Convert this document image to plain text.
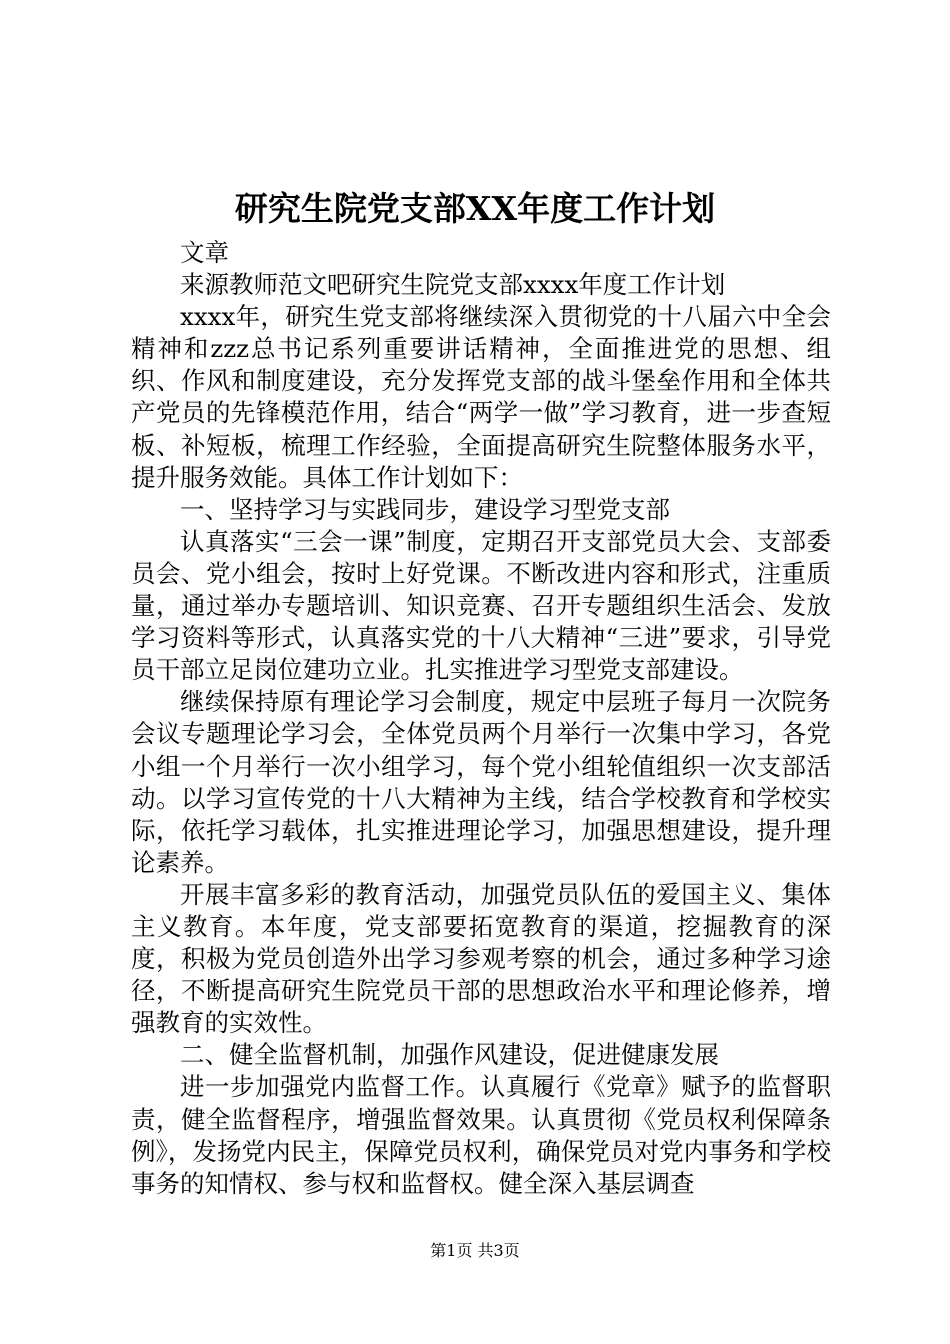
研究生院党支部XX年度工作计划

文章

来源教师范文吧研究生院党支部xxxx年度工作计划

xxxx年，研究生党支部将继续深入贯彻党的十八届六中全会精神和zzz总书记系列重要讲话精神，全面推进党的思想、组织、作风和制度建设，充分发挥党支部的战斗堡垒作用和全体共产党员的先锋模范作用，结合“两学一做”学习教育，进一步查短板、补短板，梳理工作经验，全面提高研究生院整体服务水平，提升服务效能。具体工作计划如下：

一、坚持学习与实践同步，建设学习型党支部

认真落实“三会一课”制度，定期召开支部党员大会、支部委员会、党小组会，按时上好党课。不断改进内容和形式，注重质量，通过举办专题培训、知识竞赛、召开专题组织生活会、发放学习资料等形式，认真落实党的十八大精神“三进”要求，引导党员干部立足岗位建功立业。扎实推进学习型党支部建设。

继续保持原有理论学习会制度，规定中层班子每月一次院务会议专题理论学习会，全体党员两个月举行一次集中学习，各党小组一个月举行一次小组学习，每个党小组轮值组织一次支部活动。以学习宣传党的十八大精神为主线，结合学校教育和学校实际，依托学习载体，扎实推进理论学习，加强思想建设，提升理论素养。

开展丰富多彩的教育活动，加强党员队伍的爱国主义、集体主义教育。本年度，党支部要拓宽教育的渠道，挖掘教育的深度，积极为党员创造外出学习参观考察的机会，通过多种学习途径，不断提高研究生院党员干部的思想政治水平和理论修养，增强教育的实效性。

二、健全监督机制，加强作风建设，促进健康发展

进一步加强党内监督工作。认真履行《党章》赋予的监督职责，健全监督程序，增强监督效果。认真贯彻《党员权利保障条例》，发扬党内民主，保障党员权利，确保党员对党内事务和学校事务的知情权、参与权和监督权。健全深入基层调查

第1页 共3页
